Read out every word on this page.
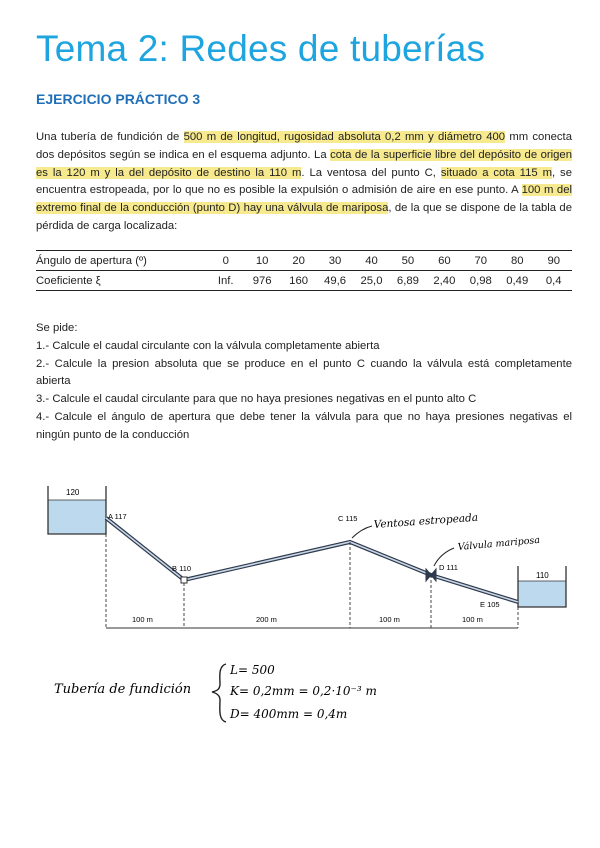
Tema 2: Redes de tuberías
EJERCICIO PRÁCTICO 3
Una tubería de fundición de 500 m de longitud, rugosidad absoluta 0,2 mm y diámetro 400 mm conecta dos depósitos según se indica en el esquema adjunto. La cota de la superficie libre del depósito de origen es la 120 m y la del depósito de destino la 110 m. La ventosa del punto C, situado a cota 115 m, se encuentra estropeada, por lo que no es posible la expulsión o admisión de aire en ese punto. A 100 m del extremo final de la conducción (punto D) hay una válvula de mariposa, de la que se dispone de la tabla de pérdida de carga localizada:
Ángulo de apertura (º)	0	10	20	30	40	50	60	70	80	90
Coeficiente ξ	Inf.	976	160	49,6	25,0	6,89	2,40	0,98	0,49	0,4
Se pide:
1.- Calcule el caudal circulante con la válvula completamente abierta
2.- Calcule la presion absoluta que se produce en el punto C cuando la válvula está completamente abierta
3.- Calcule el caudal circulante para que no haya presiones negativas en el punto alto C
4.- Calcule el ángulo de apertura que debe tener la válvula para que no haya presiones negativas el ningún punto de la conducción
120
110
A 117
B 110
C 115
D 111
E 105
100 m	200 m	100 m	100 m
Ventosa estropeada
Válvula mariposa
Tubería de fundición
L= 500
K= 0,2mm = 0,2·10⁻³ m
D= 400mm = 0,4m
